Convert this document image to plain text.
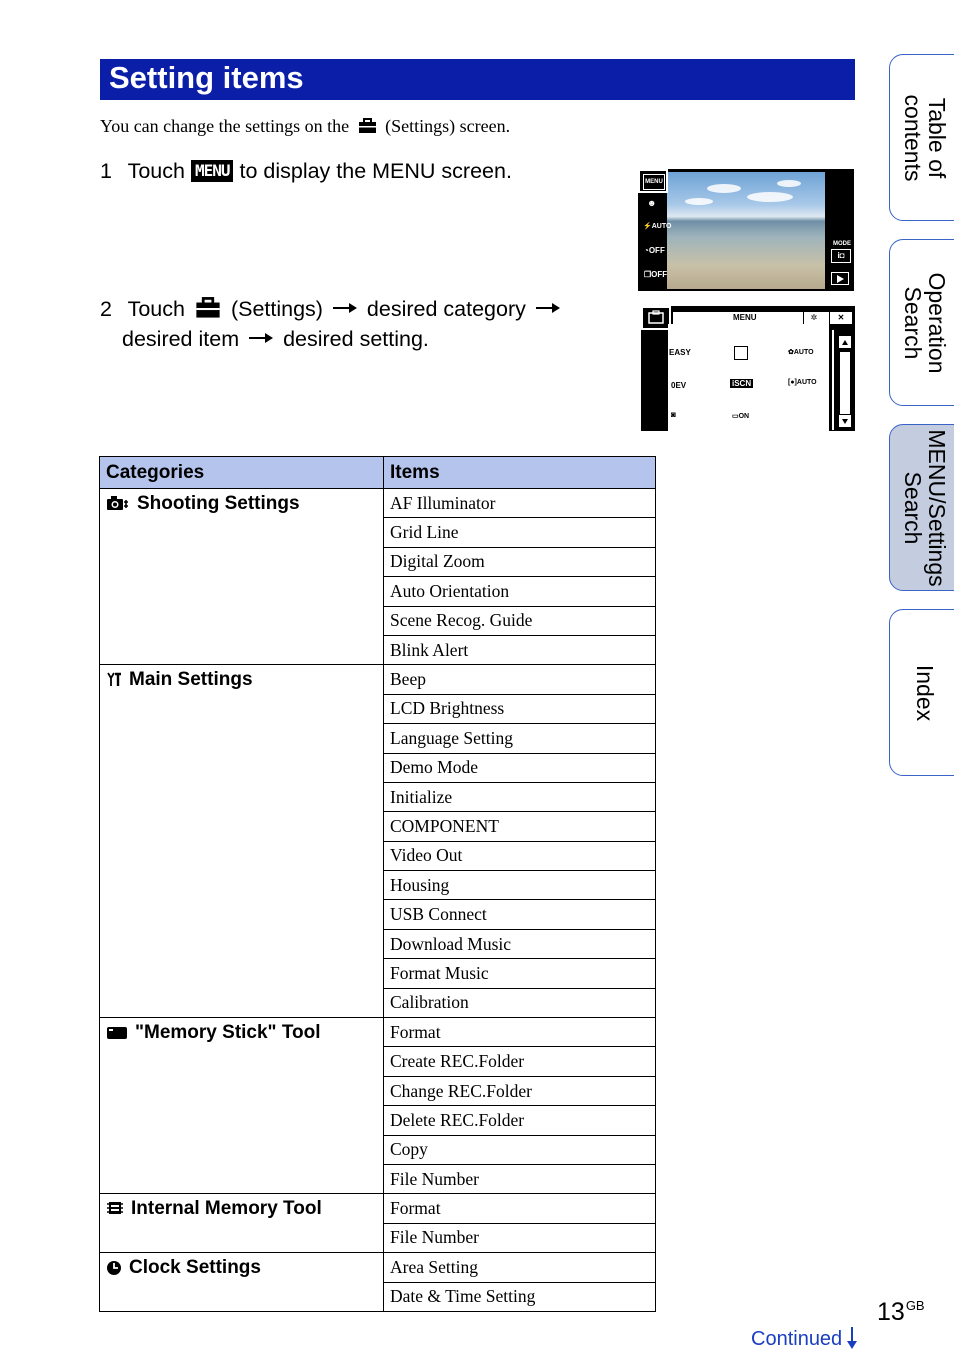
Setting items
You can change the settings on the (Settings) screen.
1 Touch MENU to display the MENU screen.
2 Touch (Settings) desired category
desired item desired setting.
MENU
☻
⚡AUTO
◔OFF
❐OFF
MODE
i◘
MENU	✲	✕
EASY	✿AUTO
0EV	iSCN	[●]AUTO
◙	▭ON
Categories	Items
Shooting Settings	AF Illuminator
	Grid Line
	Digital Zoom
	Auto Orientation
	Scene Recog. Guide
	Blink Alert
Main Settings	Beep
	LCD Brightness
	Language Setting
	Demo Mode
	Initialize
	COMPONENT
	Video Out
	Housing
	USB Connect
	Download Music
	Format Music
	Calibration
"Memory Stick" Tool	Format
	Create REC.Folder
	Change REC.Folder
	Delete REC.Folder
	Copy
	File Number
Internal Memory Tool	Format
	File Number
Clock Settings	Area Setting
	Date & Time Setting
Table of
contents
Operation
Search
MENU/Settings
Search
Index
$13^{GB}$
Continued
